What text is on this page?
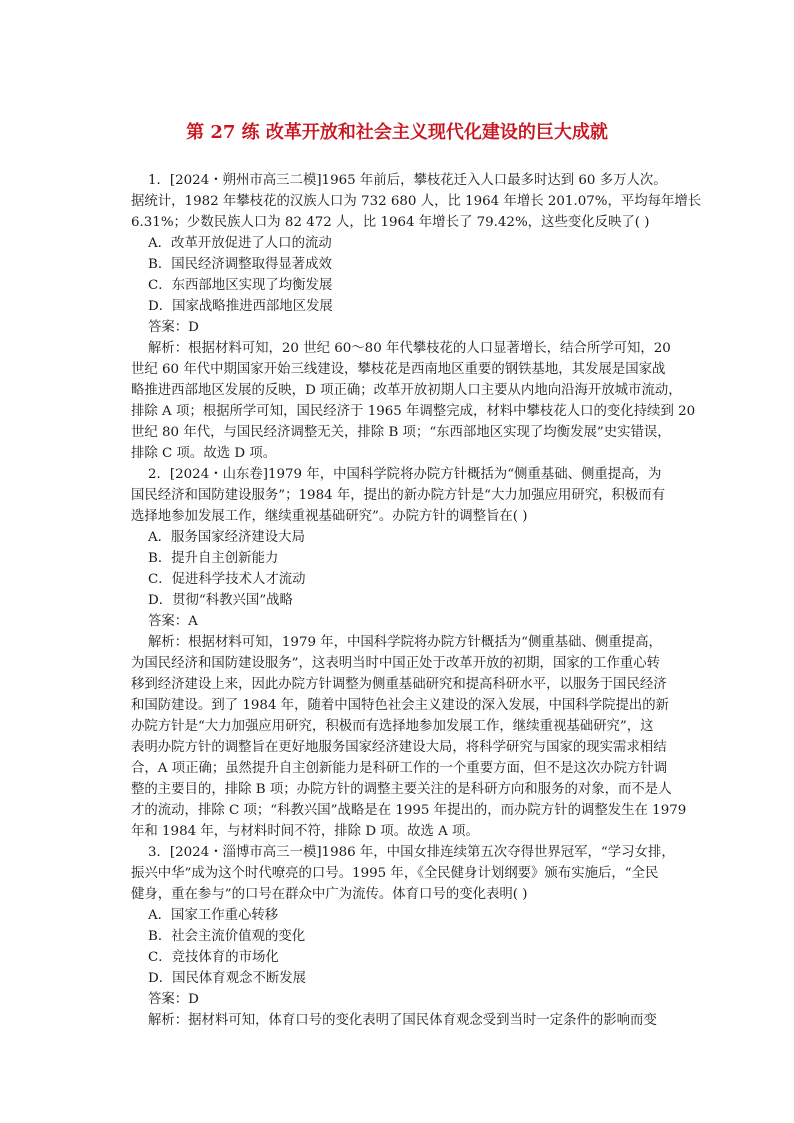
第 27 练 改革开放和社会主义现代化建设的巨大成就
1．[2024・朔州市高三二模]1965 年前后，攀枝花迁入人口最多时达到 60 多万人次。
据统计，1982 年攀枝花的汉族人口为 732 680 人，比 1964 年增长 201.07%，平均每年增长
6.31%；少数民族人口为 82 472 人，比 1964 年增长了 79.42%，这些变化反映了( )
A．改革开放促进了人口的流动
B．国民经济调整取得显著成效
C．东西部地区实现了均衡发展
D．国家战略推进西部地区发展
答案：D
解析：根据材料可知，20 世纪 60～80 年代攀枝花的人口显著增长，结合所学可知，20
世纪 60 年代中期国家开始三线建设，攀枝花是西南地区重要的钢铁基地，其发展是国家战
略推进西部地区发展的反映，D 项正确；改革开放初期人口主要从内地向沿海开放城市流动，
排除 A 项；根据所学可知，国民经济于 1965 年调整完成，材料中攀枝花人口的变化持续到 20
世纪 80 年代，与国民经济调整无关，排除 B 项；“东西部地区实现了均衡发展”史实错误，
排除 C 项。故选 D 项。
2．[2024・山东卷]1979 年，中国科学院将办院方针概括为“侧重基础、侧重提高，为
国民经济和国防建设服务”；1984 年，提出的新办院方针是“大力加强应用研究，积极而有
选择地参加发展工作，继续重视基础研究”。办院方针的调整旨在( )
A．服务国家经济建设大局
B．提升自主创新能力
C．促进科学技术人才流动
D．贯彻“科教兴国”战略
答案：A
解析：根据材料可知，1979 年，中国科学院将办院方针概括为“侧重基础、侧重提高，
为国民经济和国防建设服务”，这表明当时中国正处于改革开放的初期，国家的工作重心转
移到经济建设上来，因此办院方针调整为侧重基础研究和提高科研水平，以服务于国民经济
和国防建设。到了 1984 年，随着中国特色社会主义建设的深入发展，中国科学院提出的新
办院方针是“大力加强应用研究，积极而有选择地参加发展工作，继续重视基础研究”，这
表明办院方针的调整旨在更好地服务国家经济建设大局，将科学研究与国家的现实需求相结
合，A 项正确；虽然提升自主创新能力是科研工作的一个重要方面，但不是这次办院方针调
整的主要目的，排除 B 项；办院方针的调整主要关注的是科研方向和服务的对象，而不是人
才的流动，排除 C 项；“科教兴国”战略是在 1995 年提出的，而办院方针的调整发生在 1979
年和 1984 年，与材料时间不符，排除 D 项。故选 A 项。
3．[2024・淄博市高三一模]1986 年，中国女排连续第五次夺得世界冠军，“学习女排，
振兴中华”成为这个时代嘹亮的口号。1995 年，《全民健身计划纲要》颁布实施后，“全民
健身，重在参与”的口号在群众中广为流传。体育口号的变化表明( )
A．国家工作重心转移
B．社会主流价值观的变化
C．竞技体育的市场化
D．国民体育观念不断发展
答案：D
解析：据材料可知，体育口号的变化表明了国民体育观念受到当时一定条件的影响而变
